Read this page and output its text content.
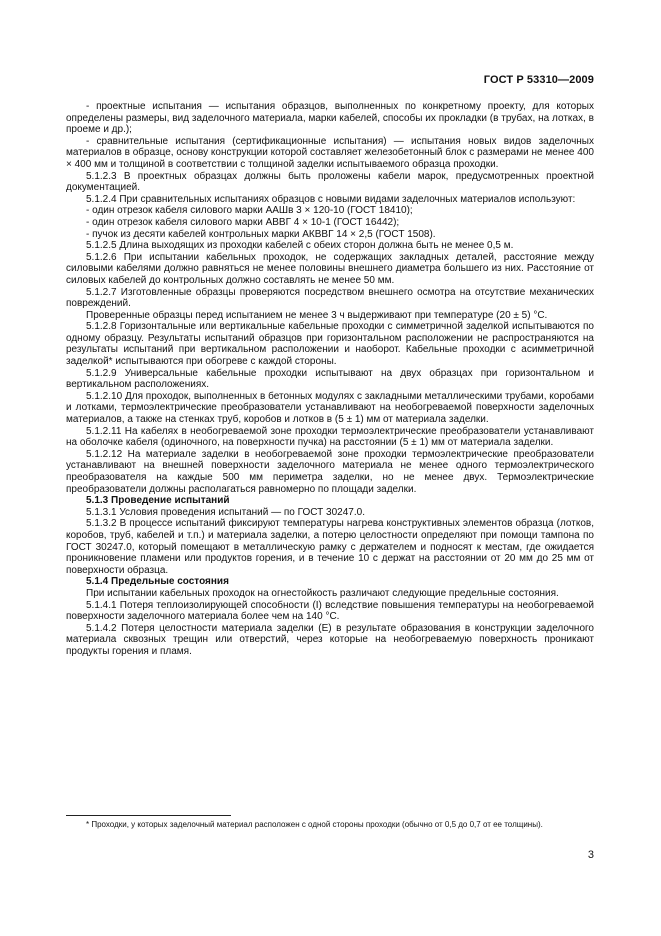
ГОСТ Р 53310—2009

- проектные испытания — испытания образцов, выполненных по конкретному проекту, для которых определены размеры, вид заделочного материала, марки кабелей, способы их прокладки (в трубах, на лотках, в проеме и др.);

- сравнительные испытания (сертификационные испытания) — испытания новых видов заделочных материалов в образце, основу конструкции которой составляет железобетонный блок с размерами не менее 400 × 400 мм и толщиной в соответствии с толщиной заделки испытываемого образца проходки.

5.1.2.3 В проектных образцах должны быть проложены кабели марок, предусмотренных проектной документацией.

5.1.2.4 При сравнительных испытаниях образцов с новыми видами заделочных материалов используют:

- один отрезок кабеля силового марки ААШв 3 × 120-10 (ГОСТ 18410);

- один отрезок кабеля силового марки АВВГ 4 × 10-1 (ГОСТ 16442);

- пучок из десяти кабелей контрольных марки АКВВГ 14 × 2,5 (ГОСТ 1508).

5.1.2.5 Длина выходящих из проходки кабелей с обеих сторон должна быть не менее 0,5 м.

5.1.2.6 При испытании кабельных проходок, не содержащих закладных деталей, расстояние между силовыми кабелями должно равняться не менее половины внешнего диаметра большего из них. Расстояние от силовых кабелей до контрольных должно составлять не менее 50 мм.

5.1.2.7 Изготовленные образцы проверяются посредством внешнего осмотра на отсутствие механических повреждений.

Проверенные образцы перед испытанием не менее 3 ч выдерживают при температуре (20 ± 5) °С.

5.1.2.8 Горизонтальные или вертикальные кабельные проходки с симметричной заделкой испытываются по одному образцу. Результаты испытаний образцов при горизонтальном расположении не распространяются на результаты испытаний при вертикальном расположении и наоборот. Кабельные проходки с асимметричной заделкой* испытываются при обогреве с каждой стороны.

5.1.2.9 Универсальные кабельные проходки испытывают на двух образцах при горизонтальном и вертикальном расположениях.

5.1.2.10 Для проходок, выполненных в бетонных модулях с закладными металлическими трубами, коробами и лотками, термоэлектрические преобразователи устанавливают на необогреваемой поверхности заделочных материалов, а также на стенках труб, коробов и лотков в (5 ± 1) мм от материала заделки.

5.1.2.11 На кабелях в необогреваемой зоне проходки термоэлектрические преобразователи устанавливают на оболочке кабеля (одиночного, на поверхности пучка) на расстоянии (5 ± 1) мм от материала заделки.

5.1.2.12 На материале заделки в необогреваемой зоне проходки термоэлектрические преобразователи устанавливают на внешней поверхности заделочного материала не менее одного термоэлектрического преобразователя на каждые 500 мм периметра заделки, но не менее двух. Термоэлектрические преобразователи должны располагаться равномерно по площади заделки.

5.1.3 Проведение испытаний

5.1.3.1 Условия проведения испытаний — по ГОСТ 30247.0.

5.1.3.2 В процессе испытаний фиксируют температуры нагрева конструктивных элементов образца (лотков, коробов, труб, кабелей и т.п.) и материала заделки, а потерю целостности определяют при помощи тампона по ГОСТ 30247.0, который помещают в металлическую рамку с держателем и подносят к местам, где ожидается проникновение пламени или продуктов горения, и в течение 10 с держат на расстоянии от 20 мм до 25 мм от поверхности образца.

5.1.4 Предельные состояния

При испытании кабельных проходок на огнестойкость различают следующие предельные состояния.

5.1.4.1 Потеря теплоизолирующей способности (I) вследствие повышения температуры на необогреваемой поверхности заделочного материала более чем на 140 °С.

5.1.4.2 Потеря целостности материала заделки (Е) в результате образования в конструкции заделочного материала сквозных трещин или отверстий, через которые на необогреваемую поверхность проникают продукты горения и пламя.

* Проходки, у которых заделочный материал расположен с одной стороны проходки (обычно от 0,5 до 0,7 от ее толщины).
3
